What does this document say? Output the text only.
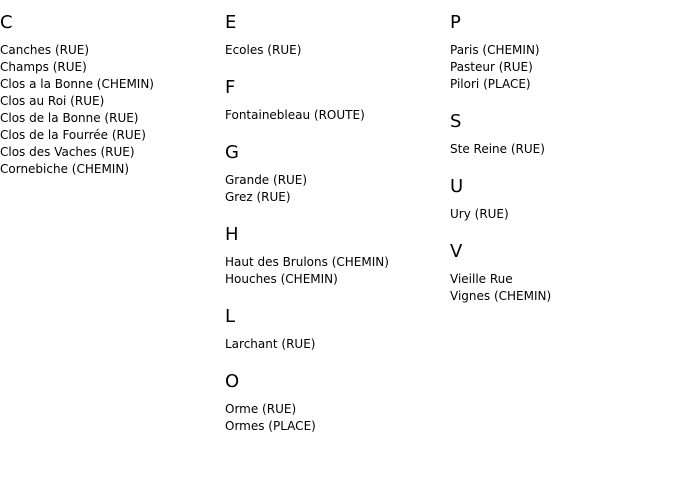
C
Canches (RUE)
Champs (RUE)
Clos a la Bonne (CHEMIN)
Clos au Roi (RUE)
Clos de la Bonne (RUE)
Clos de la Fourrée (RUE)
Clos des Vaches (RUE)
Cornebiche (CHEMIN)
E
Ecoles (RUE)
F
Fontainebleau (ROUTE)
G
Grande (RUE)
Grez (RUE)
H
Haut des Brulons (CHEMIN)
Houches (CHEMIN)
L
Larchant (RUE)
O
Orme (RUE)
Ormes (PLACE)
P
Paris (CHEMIN)
Pasteur (RUE)
Pilori (PLACE)
S
Ste Reine (RUE)
U
Ury (RUE)
V
Vieille Rue
Vignes (CHEMIN)
